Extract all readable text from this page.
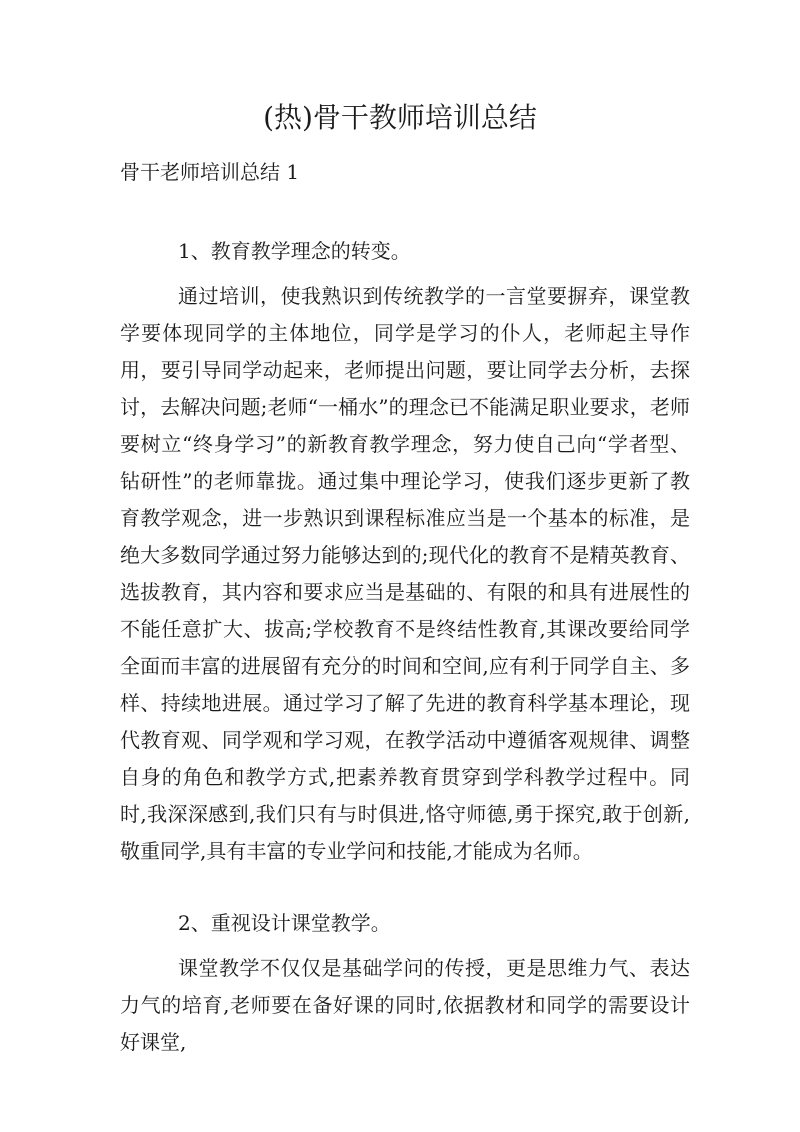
(热)骨干教师培训总结

骨干老师培训总结 1

1、教育教学理念的转变。

通过培训，使我熟识到传统教学的一言堂要摒弃，课堂教学要体现同学的主体地位，同学是学习的仆人，老师起主导作用，要引导同学动起来，老师提出问题，要让同学去分析，去探讨，去解决问题;老师“一桶水”的理念已不能满足职业要求，老师要树立“终身学习”的新教育教学理念，努力使自己向“学者型、钻研性”的老师靠拢。通过集中理论学习，使我们逐步更新了教育教学观念，进一步熟识到课程标准应当是一个基本的标准，是绝大多数同学通过努力能够达到的;现代化的教育不是精英教育、选拔教育，其内容和要求应当是基础的、有限的和具有进展性的不能任意扩大、拔高;学校教育不是终结性教育,其课改要给同学全面而丰富的进展留有充分的时间和空间,应有利于同学自主、多样、持续地进展。通过学习了解了先进的教育科学基本理论，现代教育观、同学观和学习观，在教学活动中遵循客观规律、调整自身的角色和教学方式,把素养教育贯穿到学科教学过程中。同时,我深深感到,我们只有与时俱进,恪守师德,勇于探究,敢于创新,敬重同学,具有丰富的专业学问和技能,才能成为名师。

2、重视设计课堂教学。

课堂教学不仅仅是基础学问的传授，更是思维力气、表达力气的培育,老师要在备好课的同时,依据教材和同学的需要设计好课堂,
